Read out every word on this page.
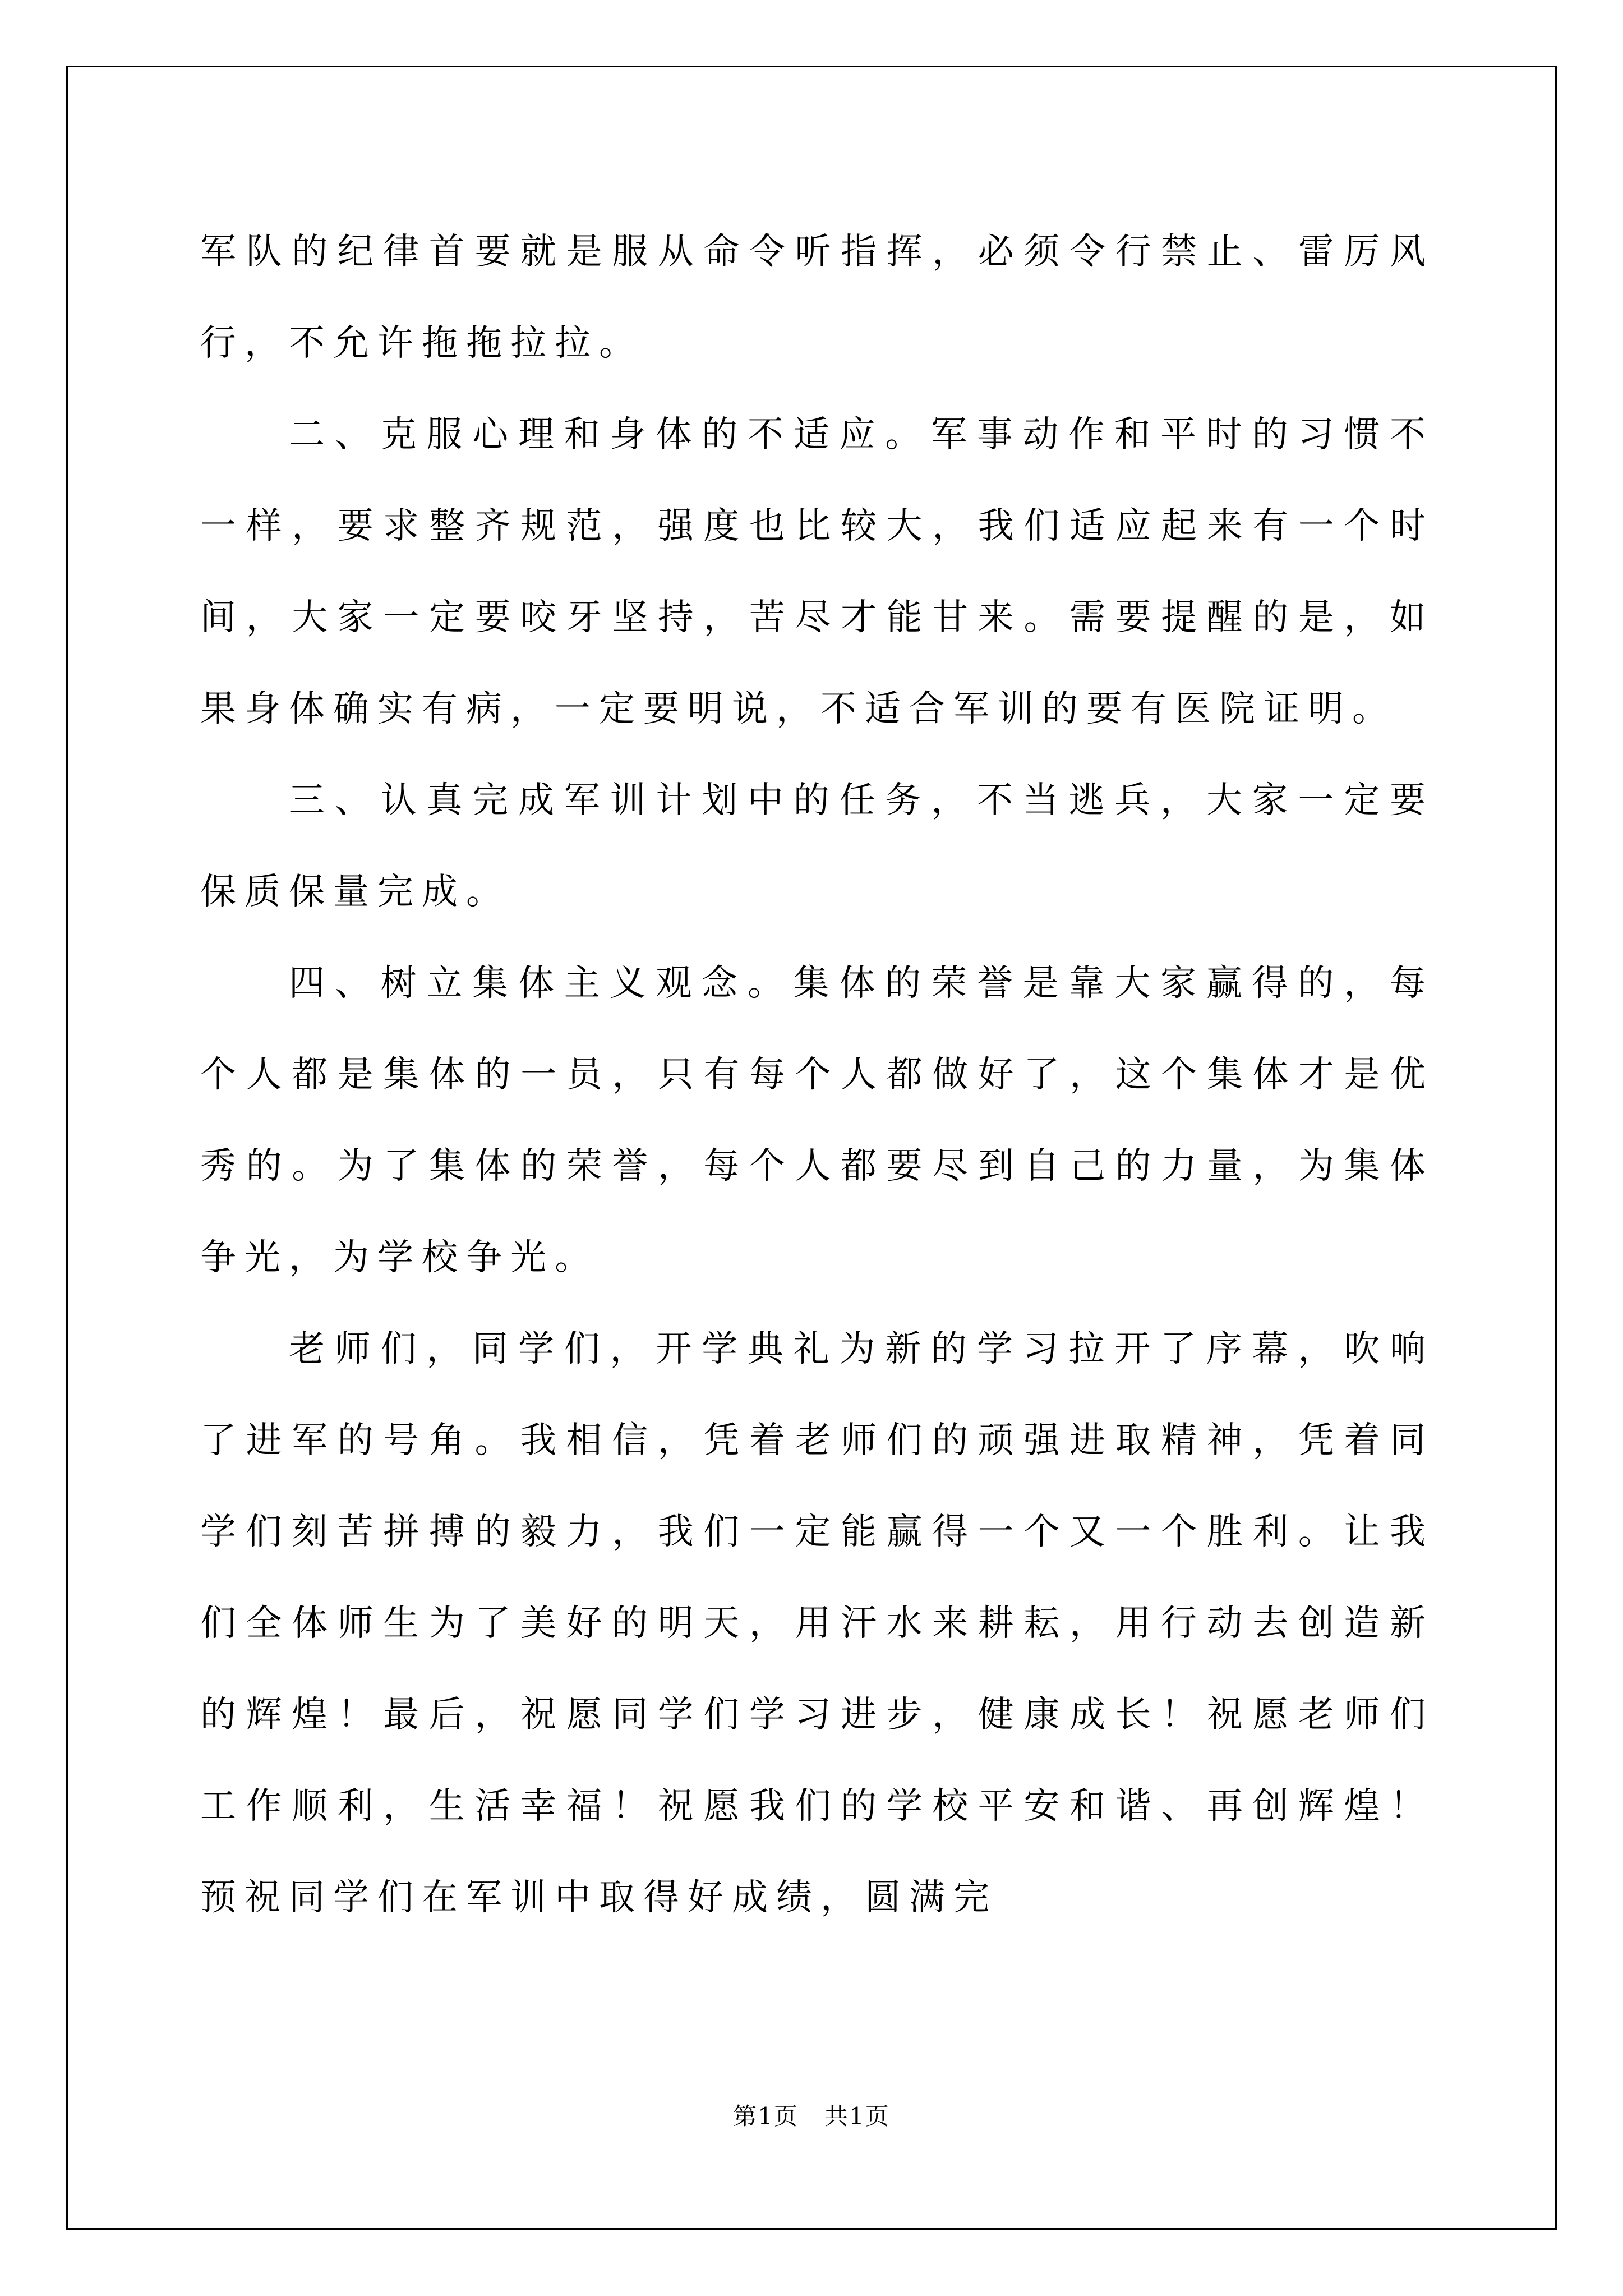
军队的纪律首要就是服从命令听指挥，必须令行禁止、雷厉风行，不允许拖拖拉拉。

二、克服心理和身体的不适应。军事动作和平时的习惯不一样，要求整齐规范，强度也比较大，我们适应起来有一个时间，大家一定要咬牙坚持，苦尽才能甘来。需要提醒的是，如果身体确实有病，一定要明说，不适合军训的要有医院证明。

三、认真完成军训计划中的任务，不当逃兵，大家一定要保质保量完成。

四、树立集体主义观念。集体的荣誉是靠大家赢得的，每个人都是集体的一员，只有每个人都做好了，这个集体才是优秀的。为了集体的荣誉，每个人都要尽到自己的力量，为集体争光，为学校争光。

老师们，同学们，开学典礼为新的学习拉开了序幕，吹响了进军的号角。我相信，凭着老师们的顽强进取精神，凭着同学们刻苦拼搏的毅力，我们一定能赢得一个又一个胜利。让我们全体师生为了美好的明天，用汗水来耕耘，用行动去创造新的辉煌！最后，祝愿同学们学习进步，健康成长！祝愿老师们工作顺利，生活幸福！祝愿我们的学校平安和谐、再创辉煌！预祝同学们在军训中取得好成绩，圆满完

第1页 共1页
